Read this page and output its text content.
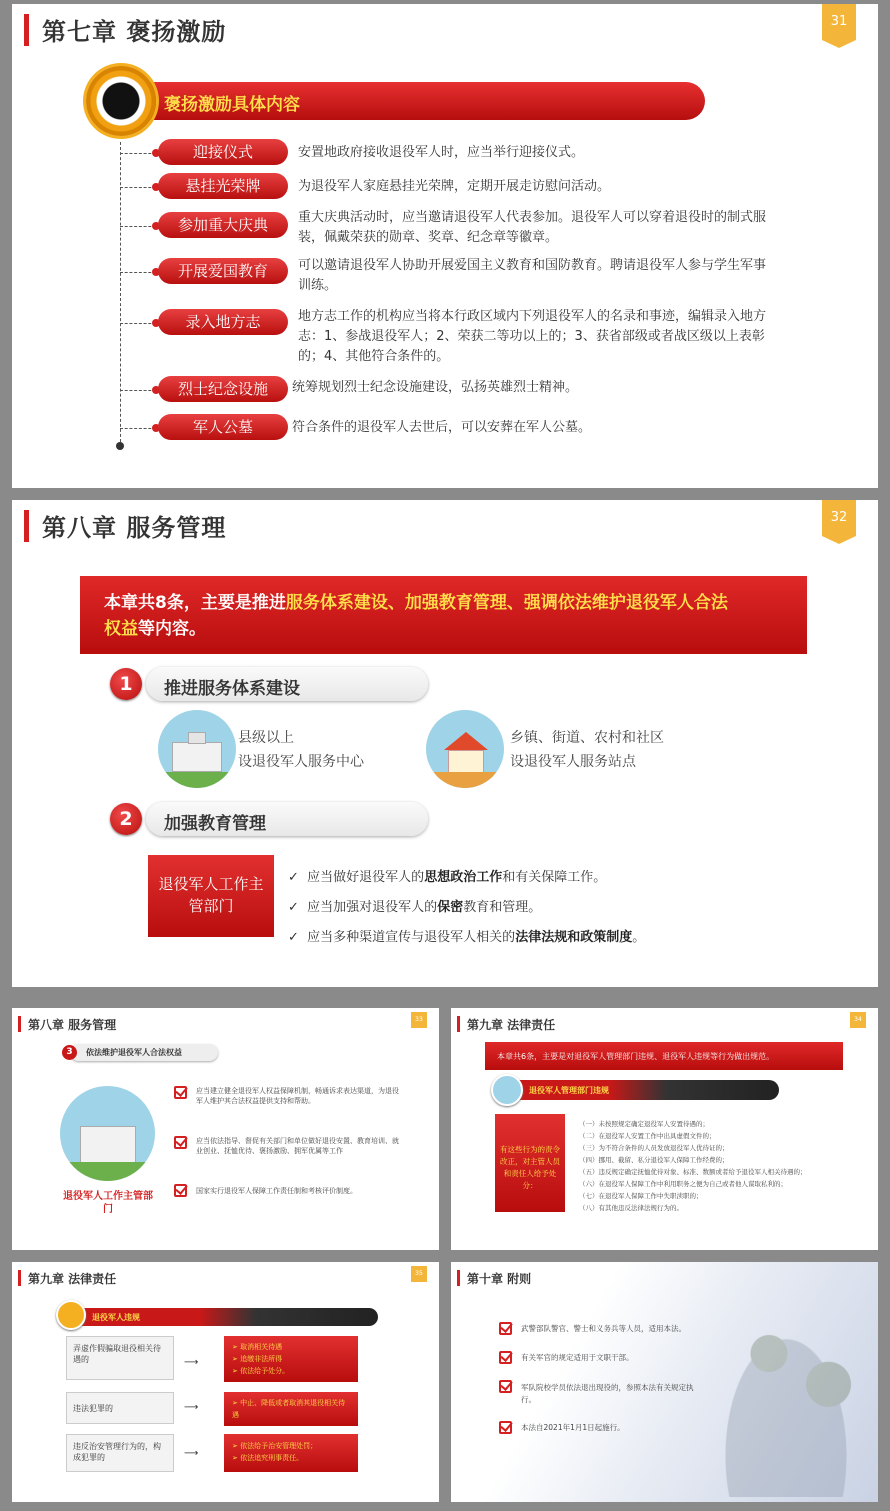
第七章 褒扬激励	31
褒扬激励具体内容
迎接仪式	安置地政府接收退役军人时，应当举行迎接仪式。
悬挂光荣牌	为退役军人家庭悬挂光荣牌，定期开展走访慰问活动。
参加重大庆典	重大庆典活动时，应当邀请退役军人代表参加。退役军人可以穿着退役时的制式服装，佩戴荣获的勋章、奖章、纪念章等徽章。
开展爱国教育	可以邀请退役军人协助开展爱国主义教育和国防教育。聘请退役军人参与学生军事训练。
录入地方志	地方志工作的机构应当将本行政区域内下列退役军人的名录和事迹，编辑录入地方志：1、参战退役军人；2、荣获二等功以上的；3、获省部级或者战区级以上表彰的；4、其他符合条件的。
烈士纪念设施	统筹规划烈士纪念设施建设，弘扬英雄烈士精神。
军人公墓	符合条件的退役军人去世后，可以安葬在军人公墓。
第八章 服务管理	32
本章共8条，主要是推进服务体系建设、加强教育管理、强调依法维护退役军人合法
权益等内容。
推进服务体系建设
1
县级以上
设退役军人服务中心
乡镇、街道、农村和社区
设退役军人服务站点
加强教育管理
2
退役军人工作主管部门
✓ 应当做好退役军人的思想政治工作和有关保障工作。
✓ 应当加强对退役军人的保密教育和管理。
✓ 应当多种渠道宣传与退役军人相关的法律法规和政策制度。
第八章 服务管理	33
依法维护退役军人合法权益
3
退役军人工作主管部门
应当建立健全退役军人权益保障机制，畅通诉求表达渠道，为退役军人维护其合法权益提供支持和帮助。
应当依法指导、督促有关部门和单位做好退役安置、教育培训、就业创业、抚恤优待、褒扬激励、拥军优属等工作
国家实行退役军人保障工作责任制和考核评价制度。
第九章 法律责任	34
本章共6条，主要是对退役军人管理部门违规、退役军人违规等行为做出规范。
退役军人管理部门违规
有这些行为的责令改正，对主管人员和责任人给予处分：
（一）未按照规定确定退役军人安置待遇的；
（二）在退役军人安置工作中出具虚假文件的；
（三）为不符合条件的人员发放退役军人优待证的；
（四）挪用、截留、私分退役军人保障工作经费的；
（五）违反规定确定抚恤优待对象、标准、数额或者给予退役军人相关待遇的；
（六）在退役军人保障工作中利用职务之便为自己或者他人谋取私利的；
（七）在退役军人保障工作中失职渎职的；
（八）有其他违反法律法规行为的。
第九章 法律责任	35
退役军人违规
弄虚作假骗取退役相关待遇的	⟶
➢ 取消相关待遇
➢ 追缴非法所得
➢ 依法给予处分。
违法犯罪的	⟶	➢ 中止、降低或者取消其退役相关待遇
违反治安管理行为的，构成犯罪的	⟶
➢ 依法给予治安管理处罚；
➢ 依法追究刑事责任。
第十章 附则
武警部队警官、警士和义务兵等人员，适用本法。
有关军官的规定适用于文职干部。
军队院校学员依法退出现役的，参照本法有关规定执行。
本法自2021年1月1日起施行。
